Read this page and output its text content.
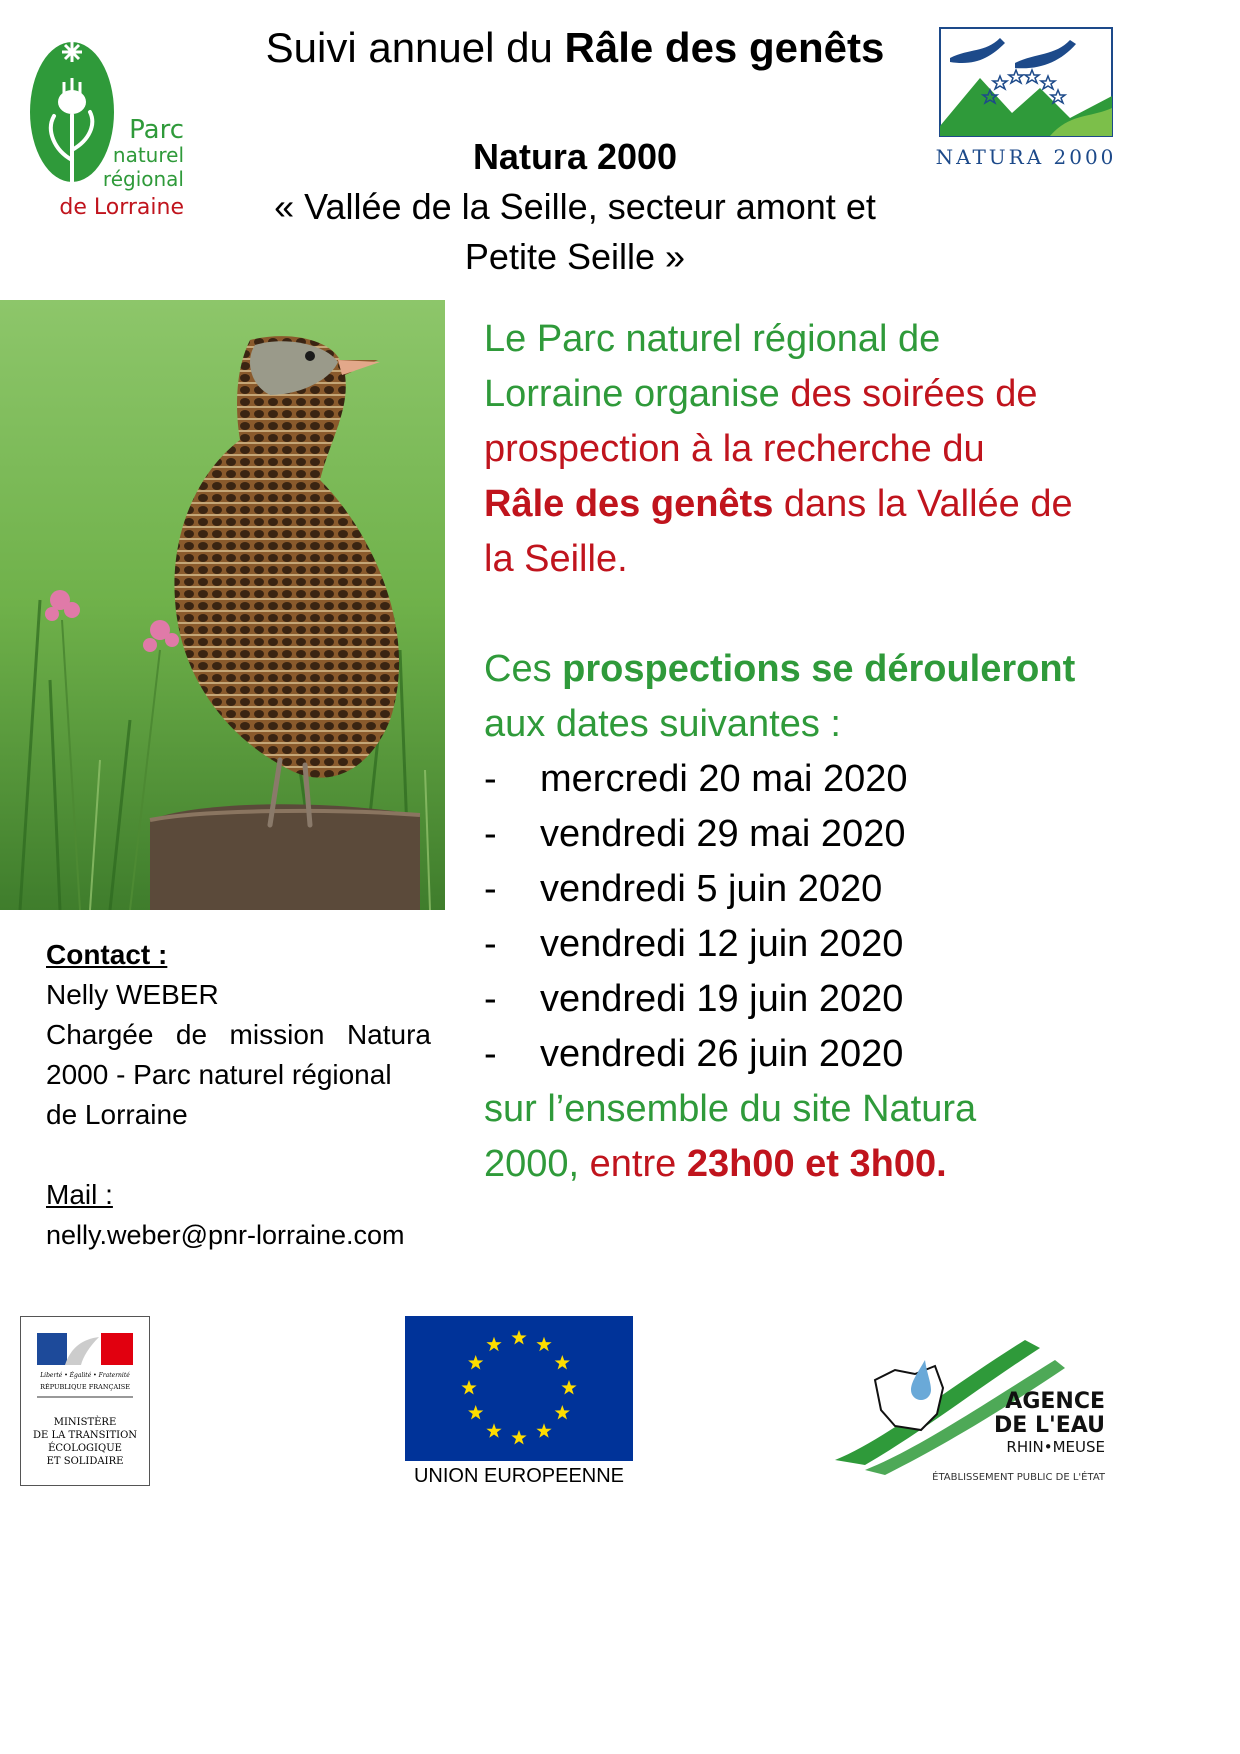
Suivi annuel du Râle des genêts
Natura 2000
« Vallée de la Seille, secteur amont et
Petite Seille »
Parc
naturel
régional
de Lorraine
NATURA 2000
Le Parc naturel régional de
Lorraine organise des soirées de
prospection à la recherche du
Râle des genêts dans la Vallée de
la Seille.
Ces prospections se dérouleront
aux dates suivantes :
-	mercredi 20 mai 2020
-	vendredi 29 mai 2020
-	vendredi 5 juin 2020
-	vendredi 12 juin 2020
-	vendredi 19 juin 2020
-	vendredi 26 juin 2020
sur l’ensemble du site Natura
2000, entre 23h00 et 3h00.
Contact :
Nelly WEBER
Chargée de mission Natura
2000 - Parc naturel régional
de Lorraine
Mail :
nelly.weber@pnr-lorraine.com
Liberté • Égalité • Fraternité
RÉPUBLIQUE FRANÇAISE
MINISTÈRE
DE LA TRANSITION
ÉCOLOGIQUE
ET SOLIDAIRE
UNION EUROPEENNE
AGENCE
DE L'EAU
RHIN•MEUSE
ÉTABLISSEMENT PUBLIC DE L'ÉTAT
